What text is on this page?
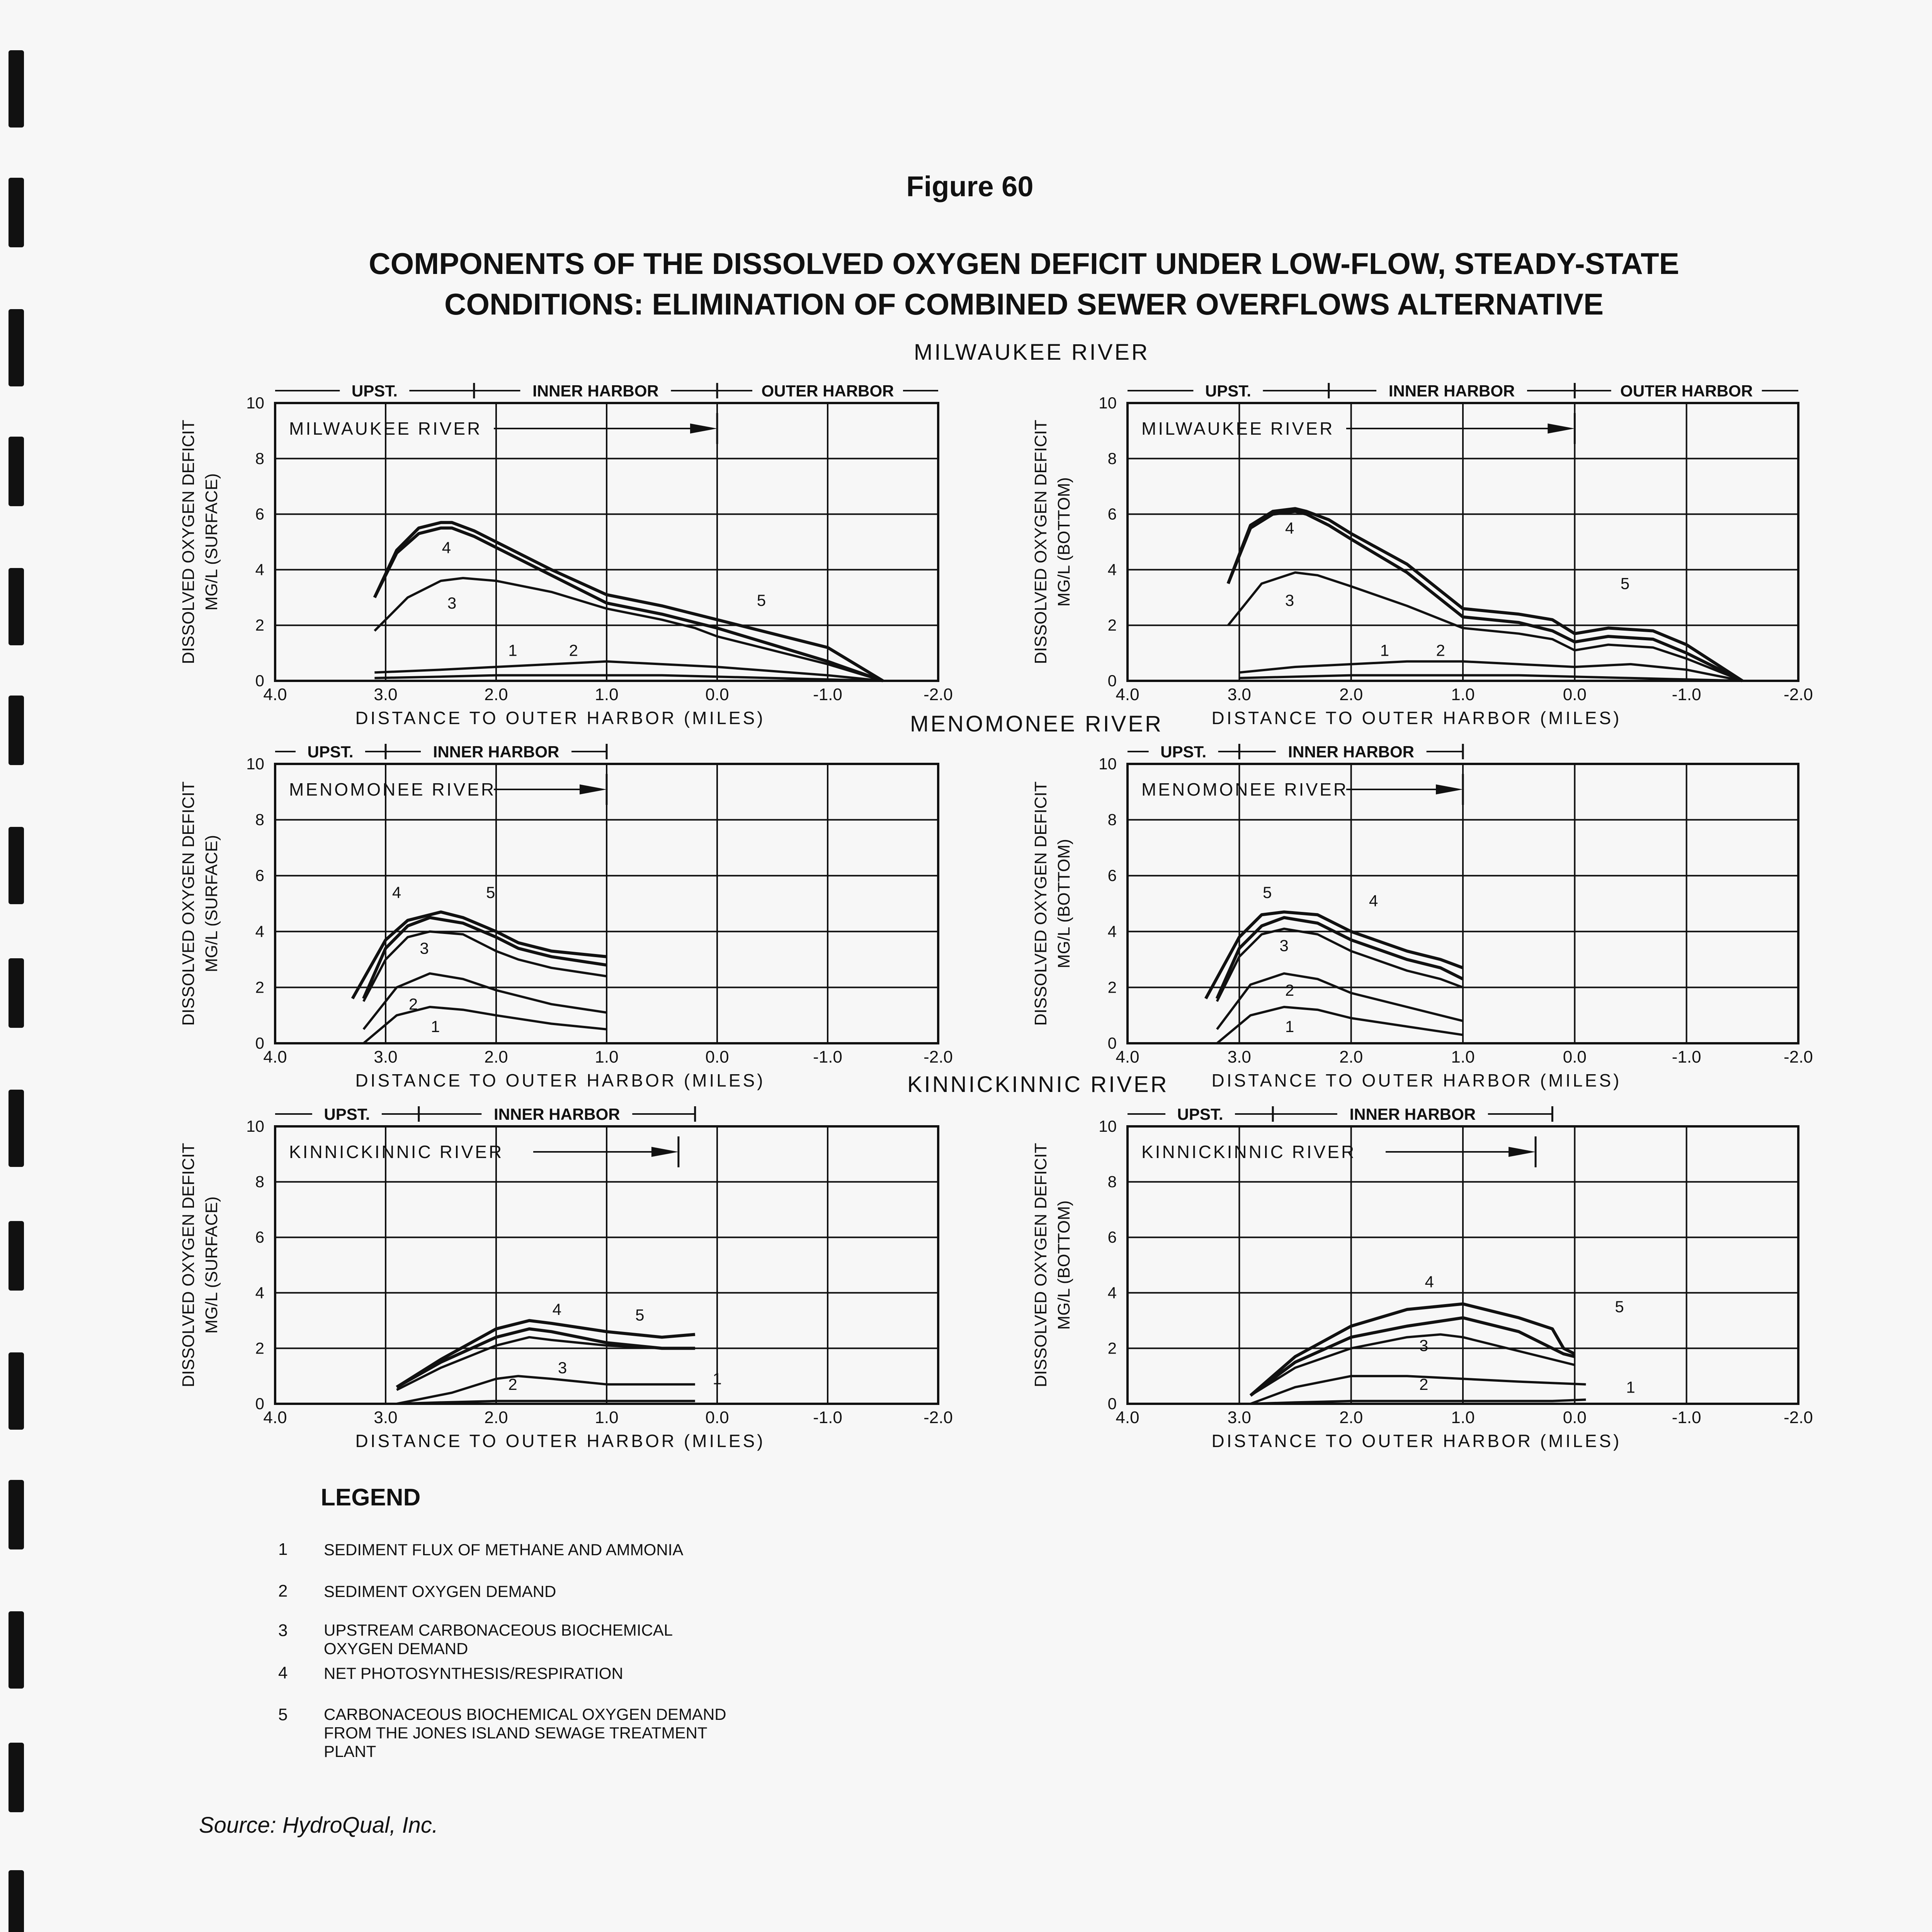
Figure 60
COMPONENTS OF THE DISSOLVED OXYGEN DEFICIT UNDER LOW-FLOW, STEADY-STATE CONDITIONS: ELIMINATION OF COMBINED SEWER OVERFLOWS ALTERNATIVE
MILWAUKEE RIVER
MENOMONEE RIVER
KINNICKINNIC RIVER
4.0	3.0	2.0	1.0	0.0	-1.0	-2.0
0
2
4
6
8
10
DISTANCE TO OUTER HARBOR (MILES)
DISSOLVED OXYGEN DEFICIT MG/L (SURFACE)
UPST.	INNER HARBOR	OUTER HARBOR
MILWAUKEE RIVER
1	2
3
4
5
4.0	3.0	2.0	1.0	0.0	-1.0	-2.0
0
2
4
6
8
10
DISTANCE TO OUTER HARBOR (MILES)
DISSOLVED OXYGEN DEFICIT MG/L (BOTTOM)
UPST.	INNER HARBOR	OUTER HARBOR
MILWAUKEE RIVER
1	2
3
4
5
4.0	3.0	2.0	1.0	0.0	-1.0	-2.0
0
2
4
6
8
10
DISTANCE TO OUTER HARBOR (MILES)
DISSOLVED OXYGEN DEFICIT MG/L (SURFACE)
UPST.	INNER HARBOR
MENOMONEE RIVER
1
2
3
4	5
4.0	3.0	2.0	1.0	0.0	-1.0	-2.0
0
2
4
6
8
10
DISTANCE TO OUTER HARBOR (MILES)
DISSOLVED OXYGEN DEFICIT MG/L (BOTTOM)
UPST.	INNER HARBOR
MENOMONEE RIVER
1
2
3
4
5
4.0	3.0	2.0	1.0	0.0	-1.0	-2.0
0
2
4
6
8
10
DISTANCE TO OUTER HARBOR (MILES)
DISSOLVED OXYGEN DEFICIT MG/L (SURFACE)
UPST.	INNER HARBOR
KINNICKINNIC RIVER
1
2
3
4	5
4.0	3.0	2.0	1.0	0.0	-1.0	-2.0
0
2
4
6
8
10
DISTANCE TO OUTER HARBOR (MILES)
DISSOLVED OXYGEN DEFICIT MG/L (BOTTOM)
UPST.	INNER HARBOR
KINNICKINNIC RIVER
1
2
3
4
5
LEGEND
1 SEDIMENT FLUX OF METHANE AND AMMONIA
2 SEDIMENT OXYGEN DEMAND
3 UPSTREAM CARBONACEOUS BIOCHEMICAL OXYGEN DEMAND
4 NET PHOTOSYNTHESIS/RESPIRATION
5 CARBONACEOUS BIOCHEMICAL OXYGEN DEMAND FROM THE JONES ISLAND SEWAGE TREATMENT PLANT
Source: HydroQual, Inc.
